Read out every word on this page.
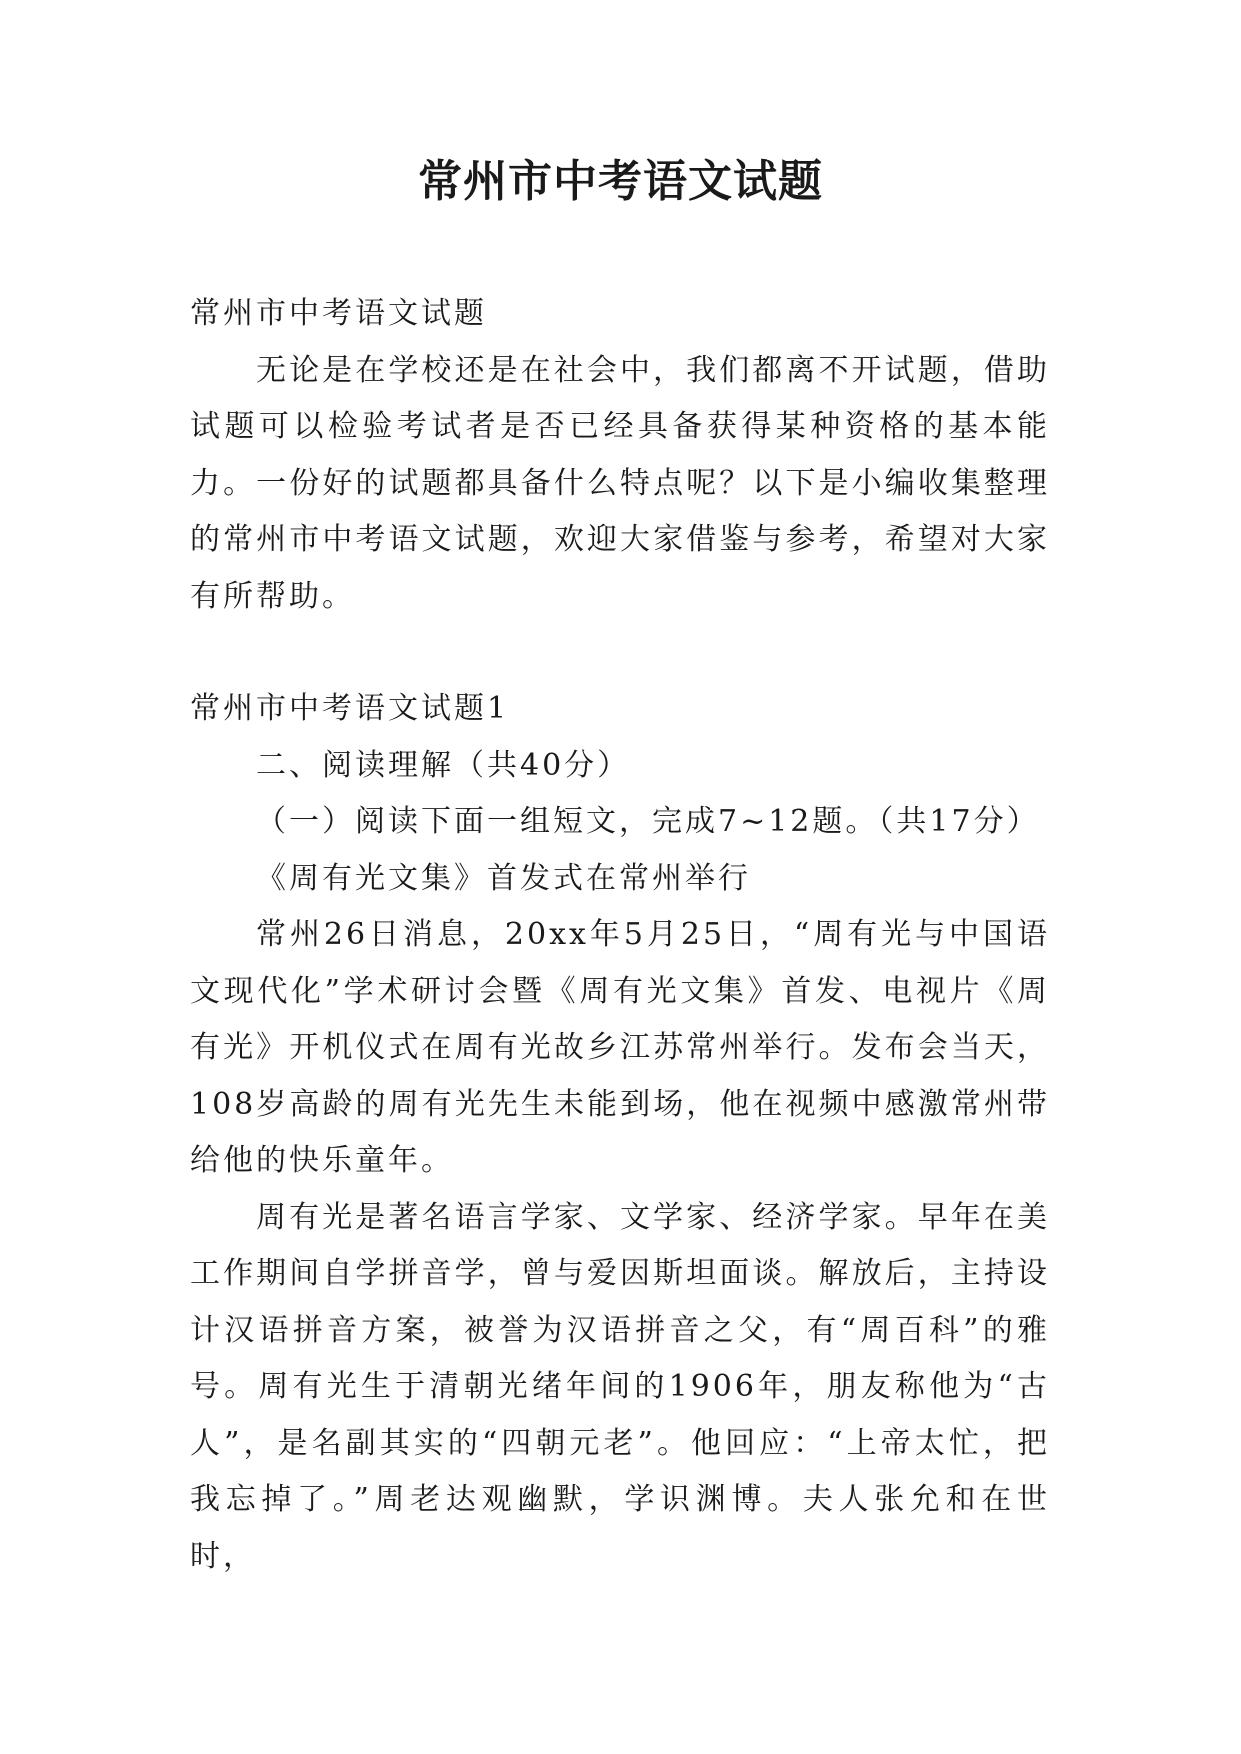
常州市中考语文试题

常州市中考语文试题

无论是在学校还是在社会中，我们都离不开试题，借助试题可以检验考试者是否已经具备获得某种资格的基本能力。一份好的试题都具备什么特点呢？以下是小编收集整理的常州市中考语文试题，欢迎大家借鉴与参考，希望对大家有所帮助。

常州市中考语文试题1

二、阅读理解（共40分）

（一）阅读下面一组短文，完成7~12题。（共17分）

《周有光文集》首发式在常州举行

常州26日消息，20xx年5月25日，“周有光与中国语文现代化”学术研讨会暨《周有光文集》首发、电视片《周有光》开机仪式在周有光故乡江苏常州举行。发布会当天，108岁高龄的周有光先生未能到场，他在视频中感激常州带给他的快乐童年。

周有光是著名语言学家、文学家、经济学家。早年在美工作期间自学拼音学，曾与爱因斯坦面谈。解放后，主持设计汉语拼音方案，被誉为汉语拼音之父，有“周百科”的雅号。周有光生于清朝光绪年间的1906年，朋友称他为“古人”，是名副其实的“四朝元老”。他回应：“上帝太忙，把我忘掉了。”周老达观幽默，学识渊博。夫人张允和在世时，
